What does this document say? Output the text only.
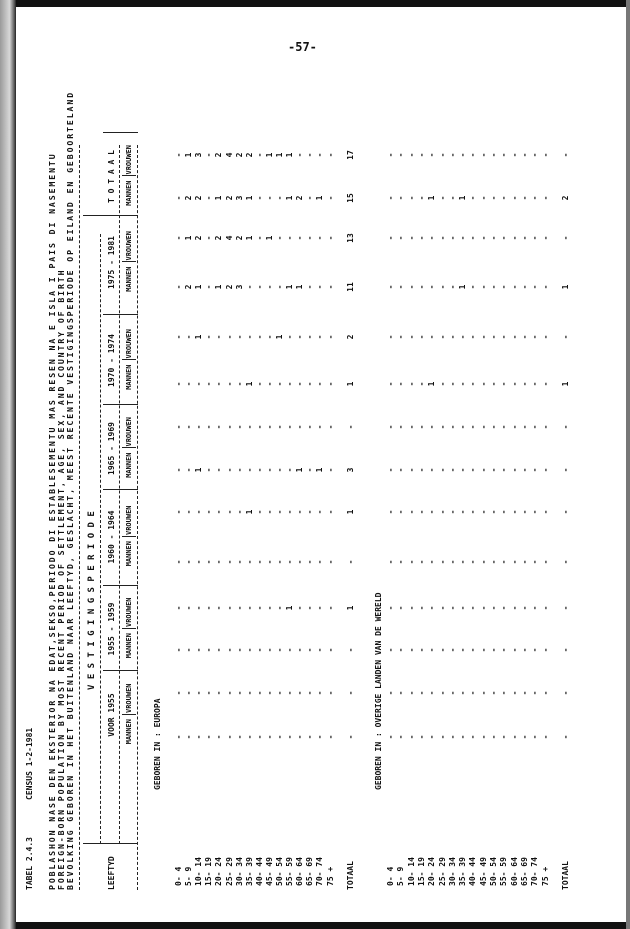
-57-
TABEL 2.4.3
CENSUS 1-2-1981 POBLASHON NASE DEN EKSTERIOR NA EDAT,SEKSO,PERIODO DI ESTABLESEMENTU MAS RESEN NA E ISLA I PAIS DI NASEMENTU FOREIGN-BORN POPULATION BY MOST RECENT PERIOD OF SETTLEMENT, AGE, SEX, AND COUNTRY OF BIRTH BEVOLKING GEBOREN IN HET BUITENLAND NAAR LEEFTYD, GESLACHT, MEEST RECENTE VESTIGINGSPERIODE OP EILAND EN GEBOORTELAND V E S T I G I N G S P E R I O D E
LEEFTYD
VOOR 1955 MANNEN
VROUWEN
1955 - 1959 MANNEN
VROUWEN
1960 - 1964 MANNEN
VROUWEN
1965 - 1969 MANNEN
VROUWEN
1970 - 1974 MANNEN
VROUWEN
1975 - 1981 MANNEN
VROUWEN
T O T A A L MANNEN
VROUWEN
GEBOREN IN : EUROPA
0- 4
-
-
-
-
-
-
-
-
-
-
-
-
-
-
5- 9
-
-
-
-
-
-
-
-
-
-
2
1
2
1
10- 14
-
-
-
-
-
-
1
-
-
1
1
2
2
3
15- 19
-
-
-
-
-
-
-
-
-
-
-
-
-
-
20- 24
-
-
-
-
-
-
-
-
-
-
1
2
1
2
25- 29
-
-
-
-
-
-
-
-
-
-
2
4
2
4
30- 34
-
-
-
-
-
-
-
-
-
-
3
2
3
2
35- 39
-
-
-
-
-
1
-
-
1
-
-
1
1
2
40- 44
-
-
-
-
-
-
-
-
-
-
-
-
-
-
45- 49
-
-
-
-
-
-
-
-
-
-
-
1
-
1
50- 54
-
-
-
-
-
-
-
-
-
1
-
-
-
1
55- 59
-
-
-
1
-
-
-
-
-
-
1
-
1
1
60- 64
-
-
-
-
-
-
1
-
-
-
1
-
2
-
65- 69
-
-
-
-
-
-
-
-
-
-
-
-
-
-
70- 74
-
-
-
-
-
-
1
-
-
-
-
-
1
-
75 +
-
-
-
-
-
-
-
-
-
-
-
-
-
-
TOTAAL
-
-
-
1
-
1
3
-
1
2
11
13
15
17
GEBOREN IN : OVERIGE LANDEN VAN DE WERELD
0- 4
-
-
-
-
-
-
-
-
-
-
-
-
-
-
5- 9
-
-
-
-
-
-
-
-
-
-
-
-
-
-
10- 14
-
-
-
-
-
-
-
-
-
-
-
-
-
-
15- 19
-
-
-
-
-
-
-
-
-
-
-
-
-
-
20- 24
-
-
-
-
-
-
-
-
1
-
-
-
1
-
25- 29
-
-
-
-
-
-
-
-
-
-
-
-
-
-
30- 34
-
-
-
-
-
-
-
-
-
-
-
-
-
-
35- 39
-
-
-
-
-
-
-
-
-
-
1
-
1
-
40- 44
-
-
-
-
-
-
-
-
-
-
-
-
-
-
45- 49
-
-
-
-
-
-
-
-
-
-
-
-
-
-
50- 54
-
-
-
-
-
-
-
-
-
-
-
-
-
-
55- 59
-
-
-
-
-
-
-
-
-
-
-
-
-
-
60- 64
-
-
-
-
-
-
-
-
-
-
-
-
-
-
65- 69
-
-
-
-
-
-
-
-
-
-
-
-
-
-
70- 74
-
-
-
-
-
-
-
-
-
-
-
-
-
-
75 +
-
-
-
-
-
-
-
-
-
-
-
-
-
-
TOTAAL
-
-
-
-
-
-
-
-
1
-
1
-
2
-
